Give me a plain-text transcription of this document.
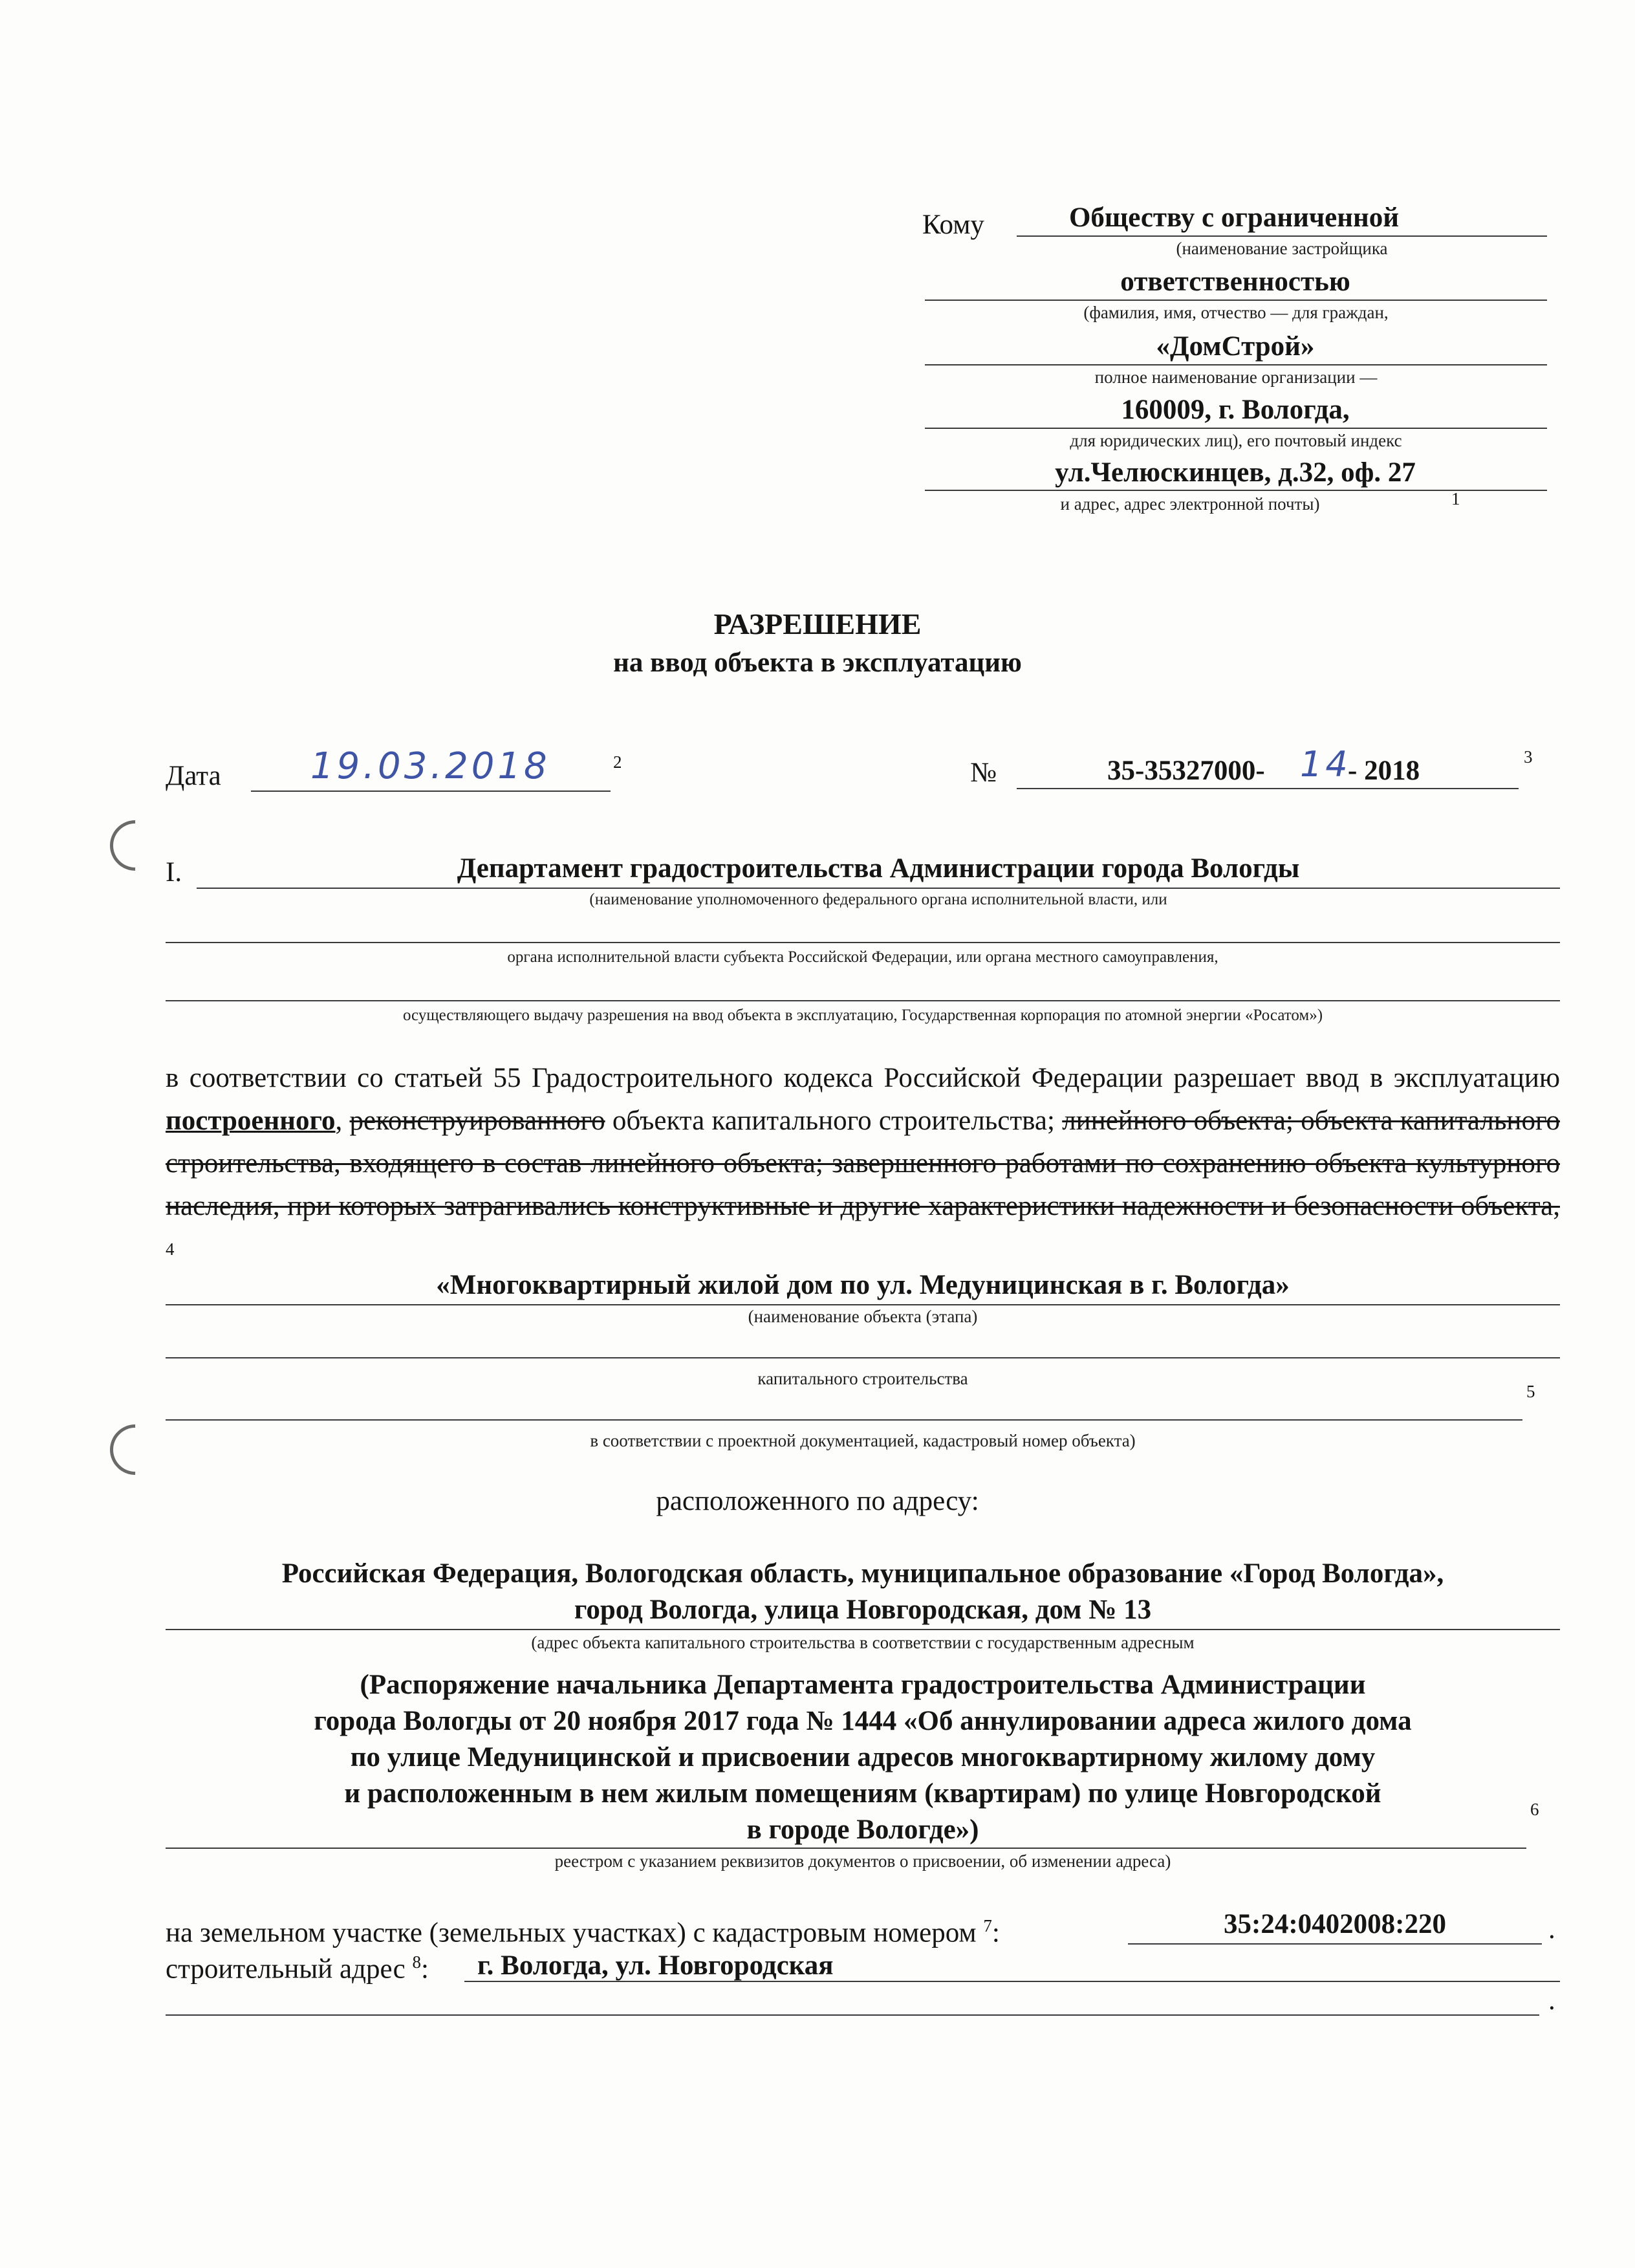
Кому	Обществу с ограниченной
(наименование застройщика
ответственностью
(фамилия, имя, отчество — для граждан,
«ДомСтрой»
полное наименование организации —
160009, г. Вологда,
для юридических лиц), его почтовый индекс
ул.Челюскинцев, д.32, оф. 27
и адрес, адрес электронной почты)	1
РАЗРЕШЕНИЕ
на ввод объекта в эксплуатацию
Дата 19.03.2018	2	№	35-35327000- 14
- 2018	3
I.	Департамент градостроительства Администрации города Вологды
(наименование уполномоченного федерального органа исполнительной власти, или
органа исполнительной власти субъекта Российской Федерации, или органа местного самоуправления,
осуществляющего выдачу разрешения на ввод объекта в эксплуатацию, Государственная корпорация по атомной энергии «Росатом»)
в соответствии со статьей 55 Градостроительного кодекса Российской Федерации разрешает ввод в эксплуатацию построенного, реконструированного объекта капитального строительства; линейного объекта; объекта капитального строительства, входящего в состав линейного объекта; завершенного работами по сохранению объекта культурного наследия, при которых затрагивались конструктивные и другие характеристики надежности и безопасности объекта, $^4$
«Многоквартирный жилой дом по ул. Медуницинская в г. Вологда»
(наименование объекта (этапа)
капитального строительства
5
в соответствии с проектной документацией, кадастровый номер объекта)
расположенного по адресу:
Российская Федерация, Вологодская область, муниципальное образование «Город Вологда»,
город Вологда, улица Новгородская, дом № 13
(адрес объекта капитального строительства в соответствии с государственным адресным
(Распоряжение начальника Департамента градостроительства Администрации
города Вологды от 20 ноября 2017 года № 1444 «Об аннулировании адреса жилого дома
по улице Медуницинской и присвоении адресов многоквартирному жилому дому
и расположенным в нем жилым помещениям (квартирам) по улице Новгородской
6
в городе Вологде»)
реестром с указанием реквизитов документов о присвоении, об изменении адреса)
на земельном участке (земельных участках) с кадастровым номером $^7$:	35:24:0402008:220	.
строительный адрес $^8$: г. Вологда, ул. Новгородская
.
